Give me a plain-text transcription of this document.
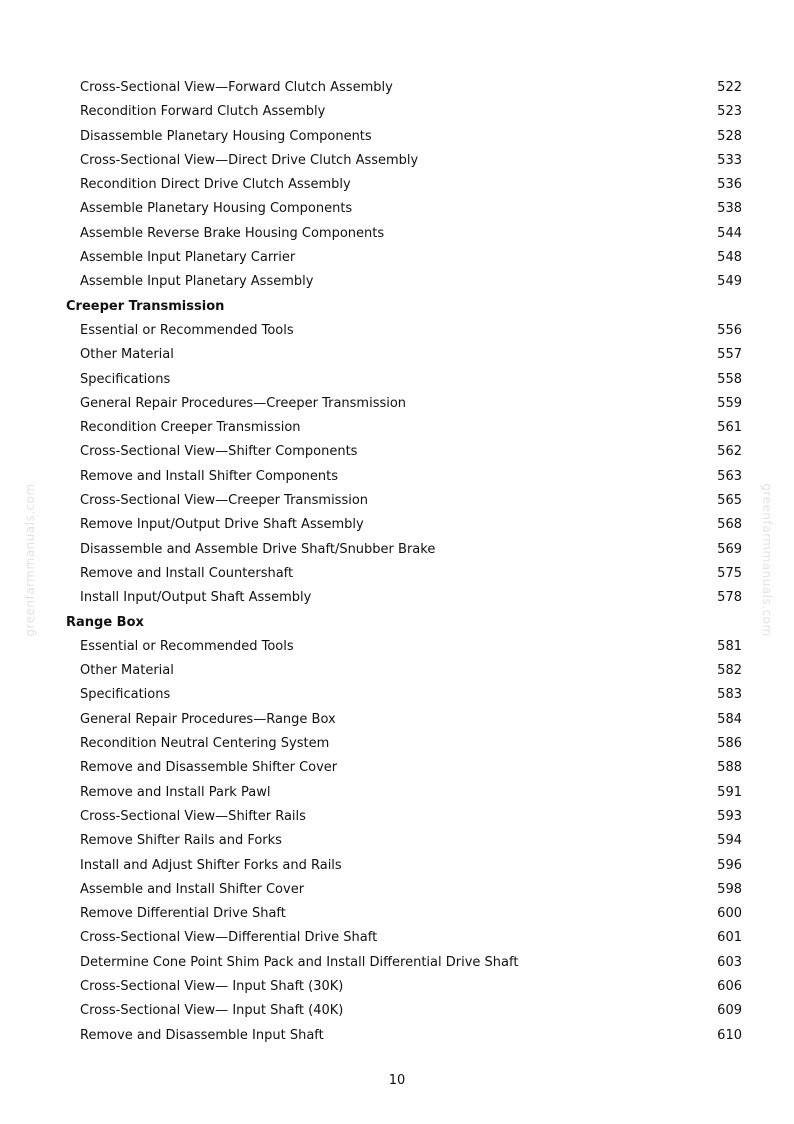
greenfarmmanuals.com	greenfarmmanuals.com
Cross-Sectional View—Forward Clutch Assembly	522
Recondition Forward Clutch Assembly	523
Disassemble Planetary Housing Components	528
Cross-Sectional View—Direct Drive Clutch Assembly	533
Recondition Direct Drive Clutch Assembly	536
Assemble Planetary Housing Components	538
Assemble Reverse Brake Housing Components	544
Assemble Input Planetary Carrier	548
Assemble Input Planetary Assembly	549
Creeper Transmission
Essential or Recommended Tools	556
Other Material	557
Specifications	558
General Repair Procedures—Creeper Transmission	559
Recondition Creeper Transmission	561
Cross-Sectional View—Shifter Components	562
Remove and Install Shifter Components	563
Cross-Sectional View—Creeper Transmission	565
Remove Input/Output Drive Shaft Assembly	568
Disassemble and Assemble Drive Shaft/Snubber Brake	569
Remove and Install Countershaft	575
Install Input/Output Shaft Assembly	578
Range Box
Essential or Recommended Tools	581
Other Material	582
Specifications	583
General Repair Procedures—Range Box	584
Recondition Neutral Centering System	586
Remove and Disassemble Shifter Cover	588
Remove and Install Park Pawl	591
Cross-Sectional View—Shifter Rails	593
Remove Shifter Rails and Forks	594
Install and Adjust Shifter Forks and Rails	596
Assemble and Install Shifter Cover	598
Remove Differential Drive Shaft	600
Cross-Sectional View—Differential Drive Shaft	601
Determine Cone Point Shim Pack and Install Differential Drive Shaft	603
Cross-Sectional View— Input Shaft (30K)	606
Cross-Sectional View— Input Shaft (40K)	609
Remove and Disassemble Input Shaft	610
10
